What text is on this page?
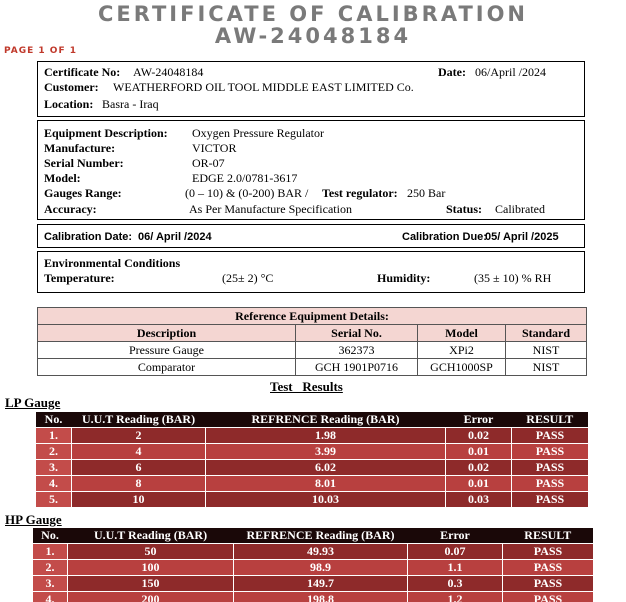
CERTIFICATE OF CALIBRATION
AW-24048184
PAGE 1 OF 1
Certificate No: AW-24048184	Date: 06/April /2024
Customer: WEATHERFORD OIL TOOL MIDDLE EAST LIMITED Co.
Location: Basra - Iraq
Equipment Description: Oxygen Pressure Regulator
Manufacture:	VICTOR
Serial Number:	OR-07
Model:	EDGE 2.0/0781-3617
Gauges Range:	(0 – 10) & (0-200) BAR / Test regulator: 250 Bar
Accuracy:	As Per Manufacture Specification	Status: Calibrated
Calibration Date: 06/ April /2024	Calibration Due:
05/ April /2025
Environmental Conditions
Temperature:	(25± 2) °C	Humidity:	(35 ± 10) % RH
Reference Equipment Details:			
Description	Serial No.	Model	Standard
Pressure Gauge	362373	XPi2	NIST
Comparator	GCH 1901P0716	GCH1000SP	NIST
Test   Results
LP Gauge
No.	U.U.T Reading (BAR)	REFRENCE Reading (BAR)	Error	RESULT
1.	2	1.98	0.02	PASS
2.	4	3.99	0.01	PASS
3.	6	6.02	0.02	PASS
4.	8	8.01	0.01	PASS
5.	10	10.03	0.03	PASS
HP Gauge
No.	U.U.T Reading (BAR)	REFRENCE Reading (BAR)	Error	RESULT
1.	50	49.93	0.07	PASS
2.	100	98.9	1.1	PASS
3.	150	149.7	0.3	PASS
4.	200	198.8	1.2	PASS
